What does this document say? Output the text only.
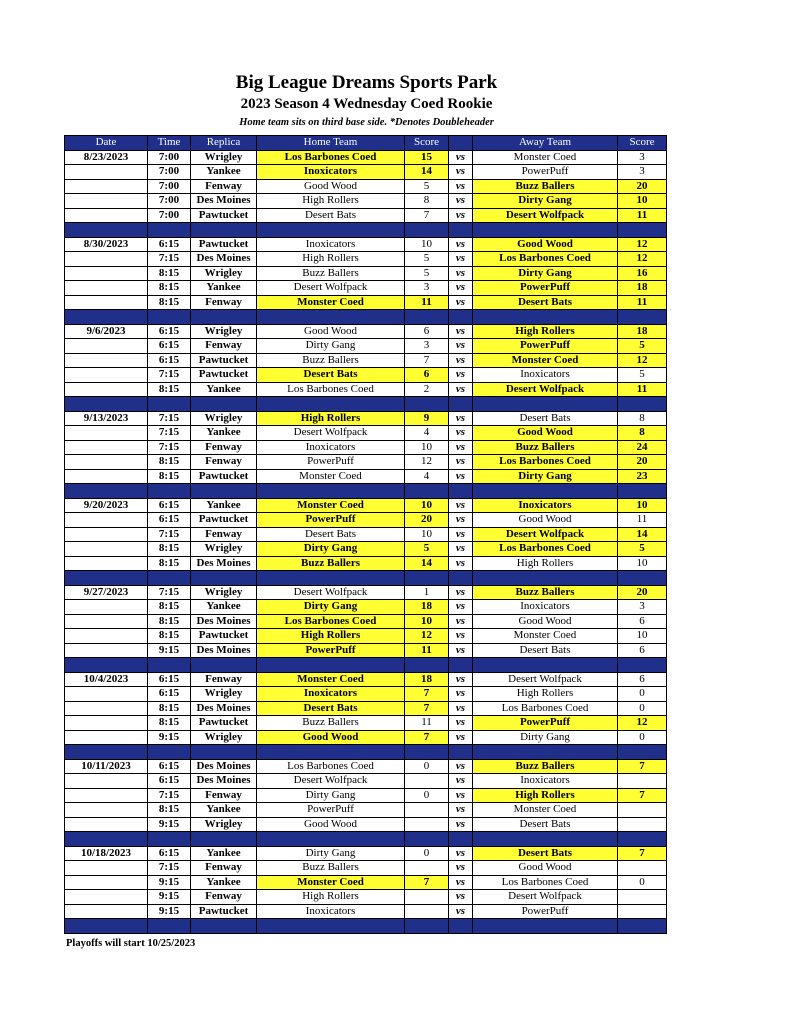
Big League Dreams Sports Park
2023 Season 4 Wednesday Coed Rookie
Home team sits on third base side. *Denotes Doubleheader
Date	Time	Replica	Home Team	Score		Away Team	Score
8/23/2023	7:00	Wrigley	Los Barbones Coed	15	vs	Monster Coed	3
	7:00	Yankee	Inoxicators	14	vs	PowerPuff	3
	7:00	Fenway	Good Wood	5	vs	Buzz Ballers	20
	7:00	Des Moines	High Rollers	8	vs	Dirty Gang	10
	7:00	Pawtucket	Desert Bats	7	vs	Desert Wolfpack	11

8/30/2023	6:15	Pawtucket	Inoxicators	10	vs	Good Wood	12
	7:15	Des Moines	High Rollers	5	vs	Los Barbones Coed	12
	8:15	Wrigley	Buzz Ballers	5	vs	Dirty Gang	16
	8:15	Yankee	Desert Wolfpack	3	vs	PowerPuff	18
	8:15	Fenway	Monster Coed	11	vs	Desert Bats	11

9/6/2023	6:15	Wrigley	Good Wood	6	vs	High Rollers	18
	6:15	Fenway	Dirty Gang	3	vs	PowerPuff	5
	6:15	Pawtucket	Buzz Ballers	7	vs	Monster Coed	12
	7:15	Pawtucket	Desert Bats	6	vs	Inoxicators	5
	8:15	Yankee	Los Barbones Coed	2	vs	Desert Wolfpack	11

9/13/2023	7:15	Wrigley	High Rollers	9	vs	Desert Bats	8
	7:15	Yankee	Desert Wolfpack	4	vs	Good Wood	8
	7:15	Fenway	Inoxicators	10	vs	Buzz Ballers	24
	8:15	Fenway	PowerPuff	12	vs	Los Barbones Coed	20
	8:15	Pawtucket	Monster Coed	4	vs	Dirty Gang	23

9/20/2023	6:15	Yankee	Monster Coed	10	vs	Inoxicators	10
	6:15	Pawtucket	PowerPuff	20	vs	Good Wood	11
	7:15	Fenway	Desert Bats	10	vs	Desert Wolfpack	14
	8:15	Wrigley	Dirty Gang	5	vs	Los Barbones Coed	5
	8:15	Des Moines	Buzz Ballers	14	vs	High Rollers	10

9/27/2023	7:15	Wrigley	Desert Wolfpack	1	vs	Buzz Ballers	20
	8:15	Yankee	Dirty Gang	18	vs	Inoxicators	3
	8:15	Des Moines	Los Barbones Coed	10	vs	Good Wood	6
	8:15	Pawtucket	High Rollers	12	vs	Monster Coed	10
	9:15	Des Moines	PowerPuff	11	vs	Desert Bats	6

10/4/2023	6:15	Fenway	Monster Coed	18	vs	Desert Wolfpack	6
	6:15	Wrigley	Inoxicators	7	vs	High Rollers	0
	8:15	Des Moines	Desert Bats	7	vs	Los Barbones Coed	0
	8:15	Pawtucket	Buzz Ballers	11	vs	PowerPuff	12
	9:15	Wrigley	Good Wood	7	vs	Dirty Gang	0

10/11/2023	6:15	Des Moines	Los Barbones Coed	0	vs	Buzz Ballers	7
	6:15	Des Moines	Desert Wolfpack		vs	Inoxicators	
	7:15	Fenway	Dirty Gang	0	vs	High Rollers	7
	8:15	Yankee	PowerPuff		vs	Monster Coed	
	9:15	Wrigley	Good Wood		vs	Desert Bats	

10/18/2023	6:15	Yankee	Dirty Gang	0	vs	Desert Bats	7
	7:15	Fenway	Buzz Ballers		vs	Good Wood	
	9:15	Yankee	Monster Coed	7	vs	Los Barbones Coed	0
	9:15	Fenway	High Rollers		vs	Desert Wolfpack	
	9:15	Pawtucket	Inoxicators		vs	PowerPuff	

Playoffs will start 10/25/2023
